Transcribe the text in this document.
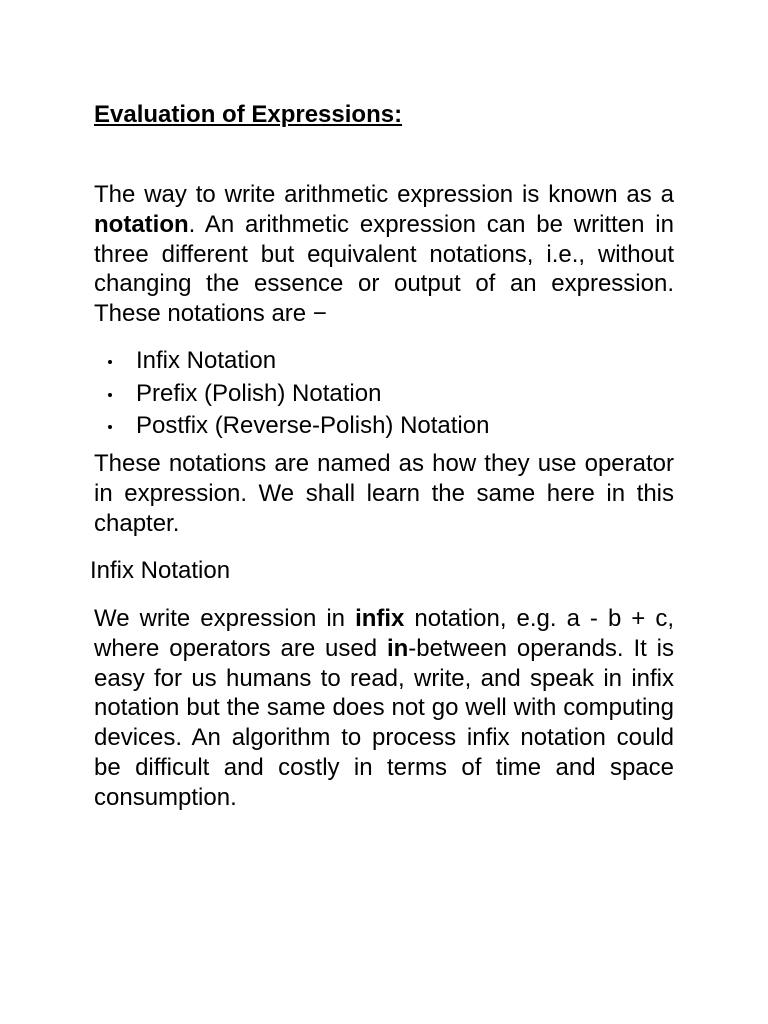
Evaluation of Expressions:

The way to write arithmetic expression is known as a notation. An arithmetic expression can be written in three different but equivalent notations, i.e., without changing the essence or output of an expression. These notations are −

Infix Notation
Prefix (Polish) Notation
Postfix (Reverse-Polish) Notation

These notations are named as how they use operator in expression. We shall learn the same here in this chapter.

Infix Notation

We write expression in infix notation, e.g. a - b + c, where operators are used in-between operands. It is easy for us humans to read, write, and speak in infix notation but the same does not go well with computing devices. An algorithm to process infix notation could be difficult and costly in terms of time and space consumption.
